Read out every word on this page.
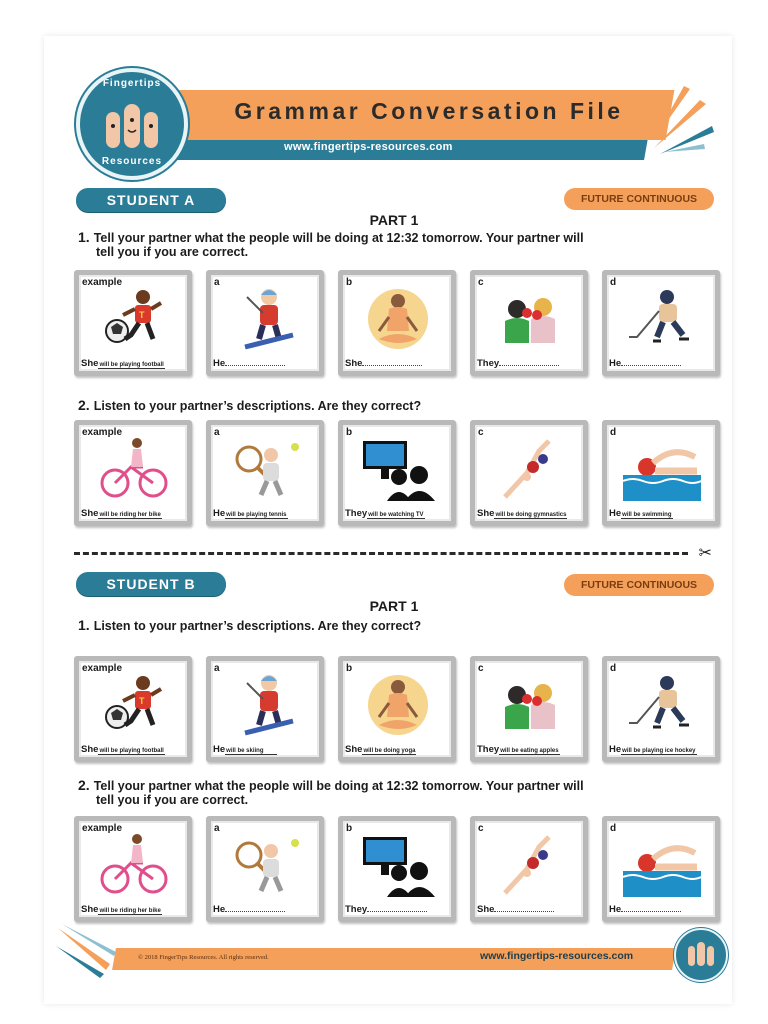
Grammar Conversation File
www.fingertips-resources.com
Fingertips
Resources
STUDENT A	FUTURE CONTINUOUS
PART 1
1. Tell your partner what the people will be doing at 12:32 tomorrow. Your partner will
tell you if you are correct.
example
T
Shewill be playing football
a
He
b
She
c
They
d
He
2. Listen to your partner’s descriptions. Are they correct?
example
Shewill be riding her bike
a
Hewill be playing tennis
b
Theywill be watching TV
c
Shewill be doing gymnastics
d
Hewill be swimming
✂
STUDENT B	FUTURE CONTINUOUS
PART 1
1. Listen to your partner’s descriptions. Are they correct?
example
T
Shewill be playing football
a
Hewill be skiing
b
Shewill be doing yoga
c
Theywill be eating apples
d
Hewill be playing ice hockey
2. Tell your partner what the people will be doing at 12:32 tomorrow. Your partner will
tell you if you are correct.
example
Shewill be riding her bike
a
He
b
They
c
She
d
He
© 2018 FingerTips Resources. All rights reserved.	www.fingertips-resources.com
